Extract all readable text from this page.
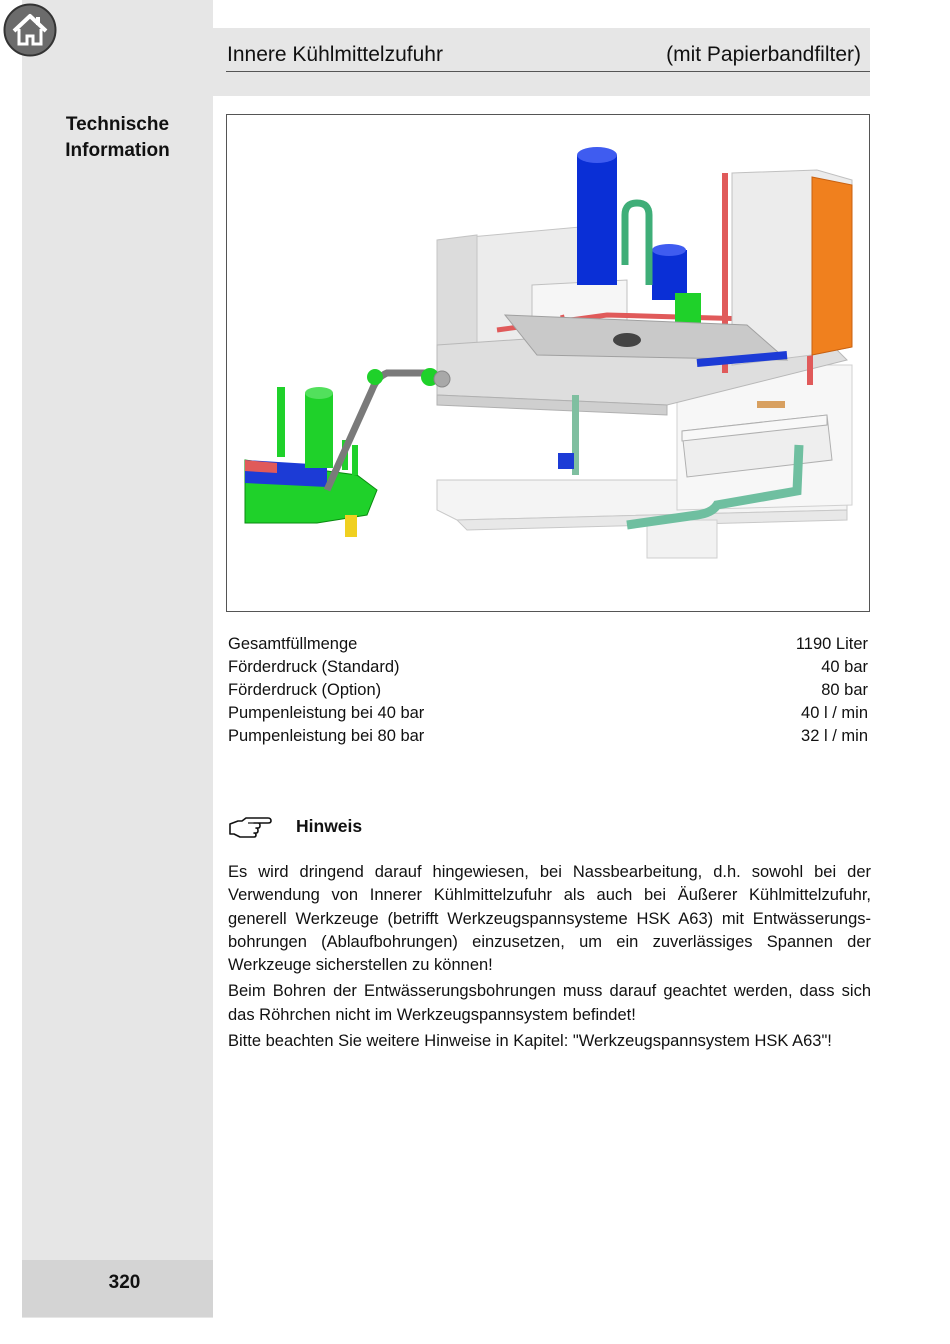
Innere Kühlmittelzufuhr	(mit Papierbandfilter)
Technische
Information
Gesamtfüllmenge	1190 Liter
Förderdruck (Standard)	40 bar
Förderdruck (Option)	80 bar
Pumpenleistung bei 40 bar	40 l / min
Pumpenleistung bei 80 bar	32 l / min
Hinweis

Es wird dringend darauf hingewiesen, bei Nassbearbeitung, d.h. sowohl bei der Verwendung von Innerer Kühlmittelzufuhr als auch bei Äußerer Kühlmittelzufuhr, generell Werkzeuge (betrifft Werkzeugspannsysteme HSK A63) mit Entwässerungs-bohrungen (Ablaufbohrungen) einzusetzen, um ein zuverlässiges Spannen der Werkzeuge sicherstellen zu können!

Beim Bohren der Entwässerungsbohrungen muss darauf geachtet werden, dass sich das Röhrchen nicht im Werkzeugspannsystem befindet!

Bitte beachten Sie weitere Hinweise in Kapitel: "Werkzeugspannsystem HSK A63"!

320
